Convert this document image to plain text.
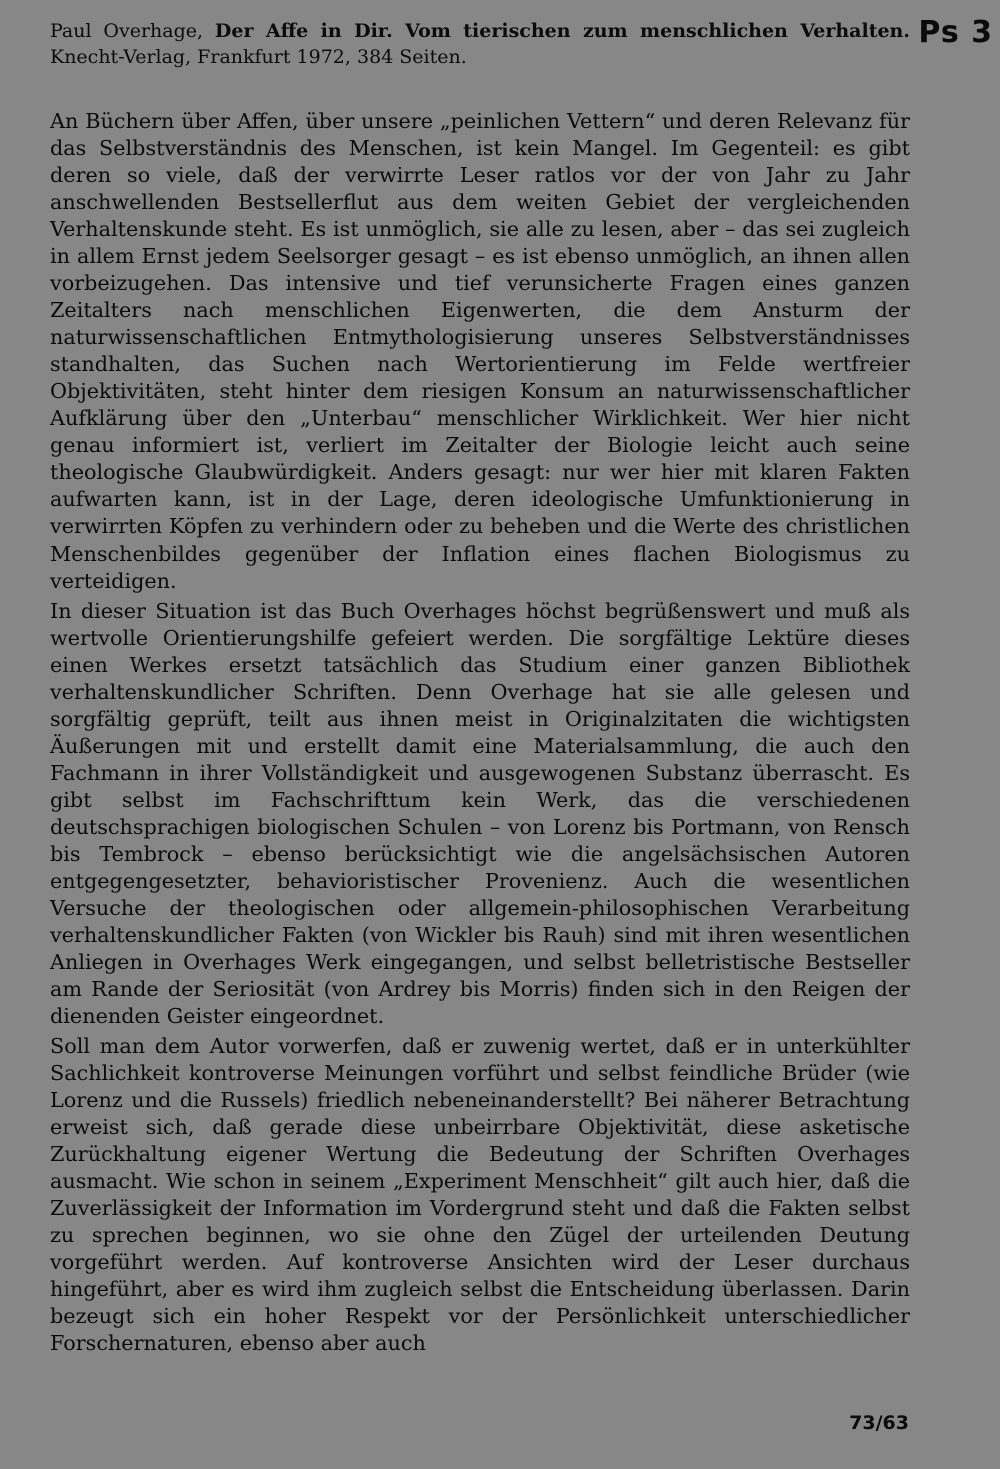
Ps 3
Paul Overhage, Der Affe in Dir. Vom tierischen zum menschlichen Verhalten. Knecht-Verlag, Frankfurt 1972, 384 Seiten.

An Büchern über Affen, über unsere „peinlichen Vettern“ und deren Relevanz für das Selbstverständnis des Menschen, ist kein Mangel. Im Gegenteil: es gibt deren so viele, daß der verwirrte Leser ratlos vor der von Jahr zu Jahr anschwellenden Bestsellerflut aus dem weiten Gebiet der vergleichenden Verhaltenskunde steht. Es ist unmöglich, sie alle zu lesen, aber – das sei zugleich in allem Ernst jedem Seelsorger gesagt – es ist ebenso unmöglich, an ihnen allen vorbeizugehen. Das intensive und tief verunsicherte Fragen eines ganzen Zeitalters nach menschlichen Eigenwerten, die dem Ansturm der naturwissenschaftlichen Entmythologisierung unseres Selbstverständnisses standhalten, das Suchen nach Wertorientierung im Felde wertfreier Objektivitäten, steht hinter dem riesigen Konsum an naturwissenschaftlicher Aufklärung über den „Unterbau“ menschlicher Wirklichkeit. Wer hier nicht genau informiert ist, verliert im Zeitalter der Biologie leicht auch seine theologische Glaubwürdigkeit. Anders gesagt: nur wer hier mit klaren Fakten aufwarten kann, ist in der Lage, deren ideologische Umfunktionierung in verwirrten Köpfen zu verhindern oder zu beheben und die Werte des christlichen Menschenbildes gegenüber der Inflation eines flachen Biologismus zu verteidigen.

In dieser Situation ist das Buch Overhages höchst begrüßenswert und muß als wertvolle Orientierungshilfe gefeiert werden. Die sorgfältige Lektüre dieses einen Werkes ersetzt tatsächlich das Studium einer ganzen Bibliothek verhaltenskundlicher Schriften. Denn Overhage hat sie alle gelesen und sorgfältig geprüft, teilt aus ihnen meist in Originalzitaten die wichtigsten Äußerungen mit und erstellt damit eine Materialsammlung, die auch den Fachmann in ihrer Vollständigkeit und ausgewogenen Substanz überrascht. Es gibt selbst im Fachschrifttum kein Werk, das die verschiedenen deutschsprachigen biologischen Schulen – von Lorenz bis Portmann, von Rensch bis Tembrock – ebenso berücksichtigt wie die angelsächsischen Autoren entgegengesetzter, behavioristischer Provenienz. Auch die wesentlichen Versuche der theologischen oder allgemein-philosophischen Verarbeitung verhaltenskundlicher Fakten (von Wickler bis Rauh) sind mit ihren wesentlichen Anliegen in Overhages Werk eingegangen, und selbst belletristische Bestseller am Rande der Seriosität (von Ardrey bis Morris) finden sich in den Reigen der dienenden Geister eingeordnet.

Soll man dem Autor vorwerfen, daß er zuwenig wertet, daß er in unterkühlter Sachlichkeit kontroverse Meinungen vorführt und selbst feindliche Brüder (wie Lorenz und die Russels) friedlich nebeneinanderstellt? Bei näherer Betrachtung erweist sich, daß gerade diese unbeirrbare Objektivität, diese asketische Zurückhaltung eigener Wertung die Bedeutung der Schriften Overhages ausmacht. Wie schon in seinem „Experiment Menschheit“ gilt auch hier, daß die Zuverlässigkeit der Information im Vordergrund steht und daß die Fakten selbst zu sprechen beginnen, wo sie ohne den Zügel der urteilenden Deutung vorgeführt werden. Auf kontroverse Ansichten wird der Leser durchaus hingeführt, aber es wird ihm zugleich selbst die Entscheidung überlassen. Darin bezeugt sich ein hoher Respekt vor der Persönlichkeit unterschiedlicher Forschernaturen, ebenso aber auch

73/63
